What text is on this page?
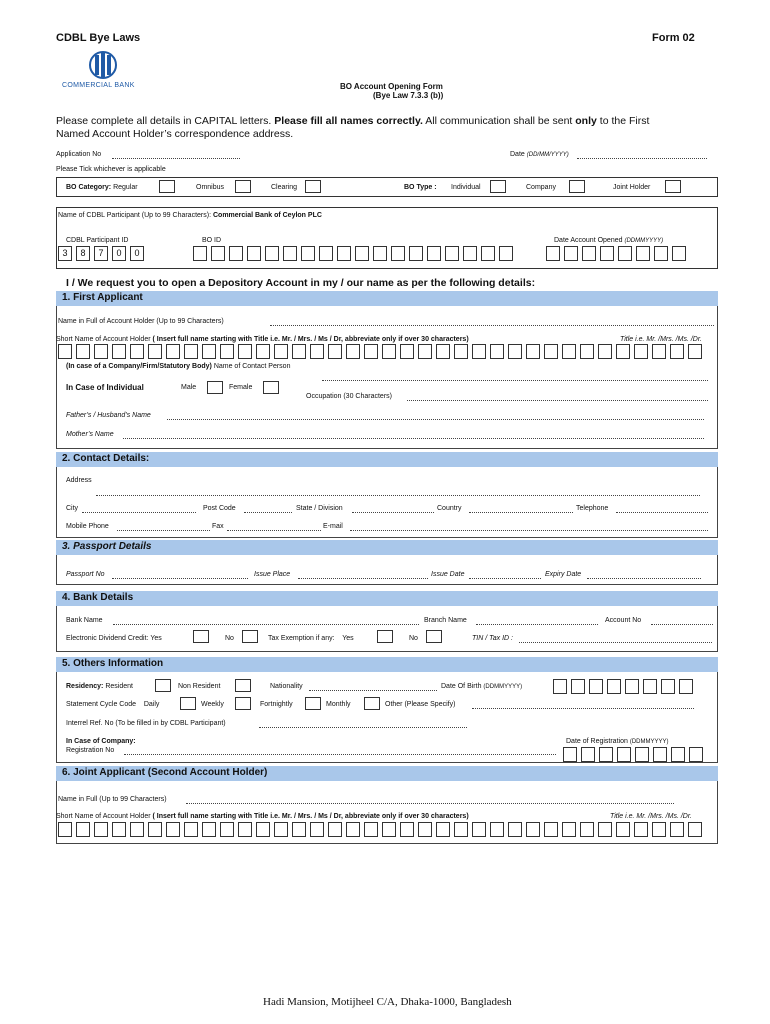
CDBL Bye Laws	Form 02
COMMERCIAL BANK	BO Account Opening Form
(Bye Law 7.3.3 (b))
Please complete all details in CAPITAL letters. Please fill all names correctly. All communication shall be sent only to the First
Named Account Holder’s correspondence address.
Application No	Date (DD/MM/YYYY)
Please Tick whichever is applicable
BO Category: Regular	Omnibus	Clearing	BO Type : Individual	Company	Joint Holder
Name of CDBL Participant (Up to 99 Characters): Commercial Bank of Ceylon PLC
CDBL Participant ID
3	8	7	0	0
BO ID	Date Account Opened (DDMMYYYY)
I / We request you to open a Depository Account in my / our name as per the following details:
1. First Applicant
Name in Full of Account Holder (Up to 99 Characters)
Short Name of Account Holder ( Insert full name starting with Title i.e. Mr. / Mrs. / Ms / Dr, abbreviate only if over 30 characters)	Title i.e. Mr. /Mrs. /Ms. /Dr.
(In case of a Company/Firm/Statutory Body) Name of Contact Person
In Case of Individual	Male	Female
Occupation (30 Characters)
Father’s / Husband’s Name
Mother’s Name
2. Contact Details:
Address
City	Post Code	State / Division	Country	Telephone
Mobile Phone	Fax	E-mail
3. Passport Details
Passport No	Issue Place	Issue Date	Expiry Date
4. Bank Details
Bank Name	Branch Name	Account No
Electronic Dividend Credit: Yes	No	Tax Exemption if any: Yes	No	TIN / Tax ID :
5. Others Information
Residency: Resident	Non Resident	Nationality	Date Of Birth (DDMMYYYY)
Statement Cycle Code Daily	Weekly	Fortnightly	Monthly	Other (Please Specify)
Interrel Ref. No (To be filled in by CDBL Participant)
In Case of Company:
Registration No
Date of Registration (DDMMYYYY)
6. Joint Applicant (Second Account Holder)
Name in Full (Up to 99 Characters)
Short Name of Account Holder ( Insert full name starting with Title i.e. Mr. / Mrs. / Ms / Dr, abbreviate only if over 30 characters)	Title i.e. Mr. /Mrs. /Ms. /Dr.
Hadi Mansion, Motijheel C/A, Dhaka-1000, Bangladesh
